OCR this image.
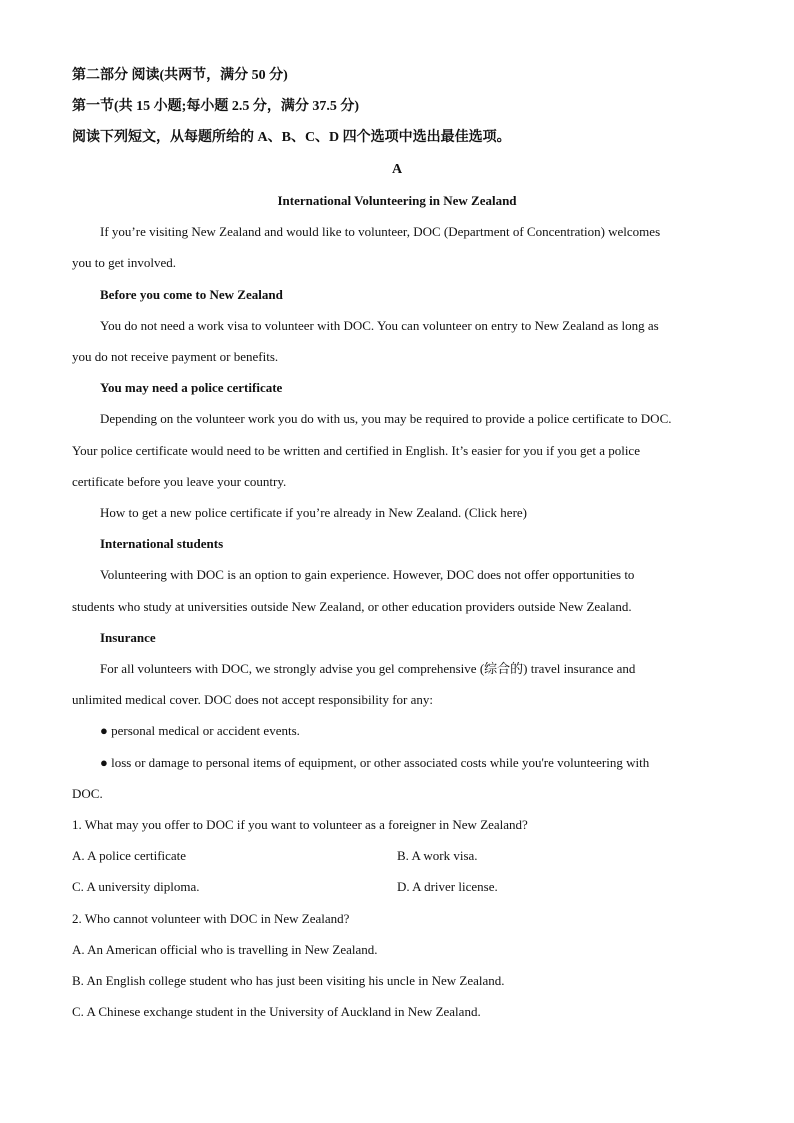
第二部分 阅读(共两节，满分 50 分)
第一节(共 15 小题;每小题 2.5 分，满分 37.5 分)
阅读下列短文，从每题所给的 A、B、C、D 四个选项中选出最佳选项。
A
International Volunteering in New Zealand
If you’re visiting New Zealand and would like to volunteer, DOC (Department of Concentration) welcomes
you to get involved.
Before you come to New Zealand
You do not need a work visa to volunteer with DOC. You can volunteer on entry to New Zealand as long as
you do not receive payment or benefits.
You may need a police certificate
Depending on the volunteer work you do with us, you may be required to provide a police certificate to DOC.
Your police certificate would need to be written and certified in English. It’s easier for you if you get a police
certificate before you leave your country.
How to get a new police certificate if you’re already in New Zealand. (Click here)
International students
Volunteering with DOC is an option to gain experience. However, DOC does not offer opportunities to
students who study at universities outside New Zealand, or other education providers outside New Zealand.
Insurance
For all volunteers with DOC, we strongly advise you gel comprehensive (综合的) travel insurance and
unlimited medical cover. DOC does not accept responsibility for any:
● personal medical or accident events.
● loss or damage to personal items of equipment, or other associated costs while you're volunteering with
DOC.
1. What may you offer to DOC if you want to volunteer as a foreigner in New Zealand?
A. A police certificate	B. A work visa.
C. A university diploma.	D. A driver license.
2. Who cannot volunteer with DOC in New Zealand?
A. An American official who is travelling in New Zealand.
B. An English college student who has just been visiting his uncle in New Zealand.
C. A Chinese exchange student in the University of Auckland in New Zealand.
